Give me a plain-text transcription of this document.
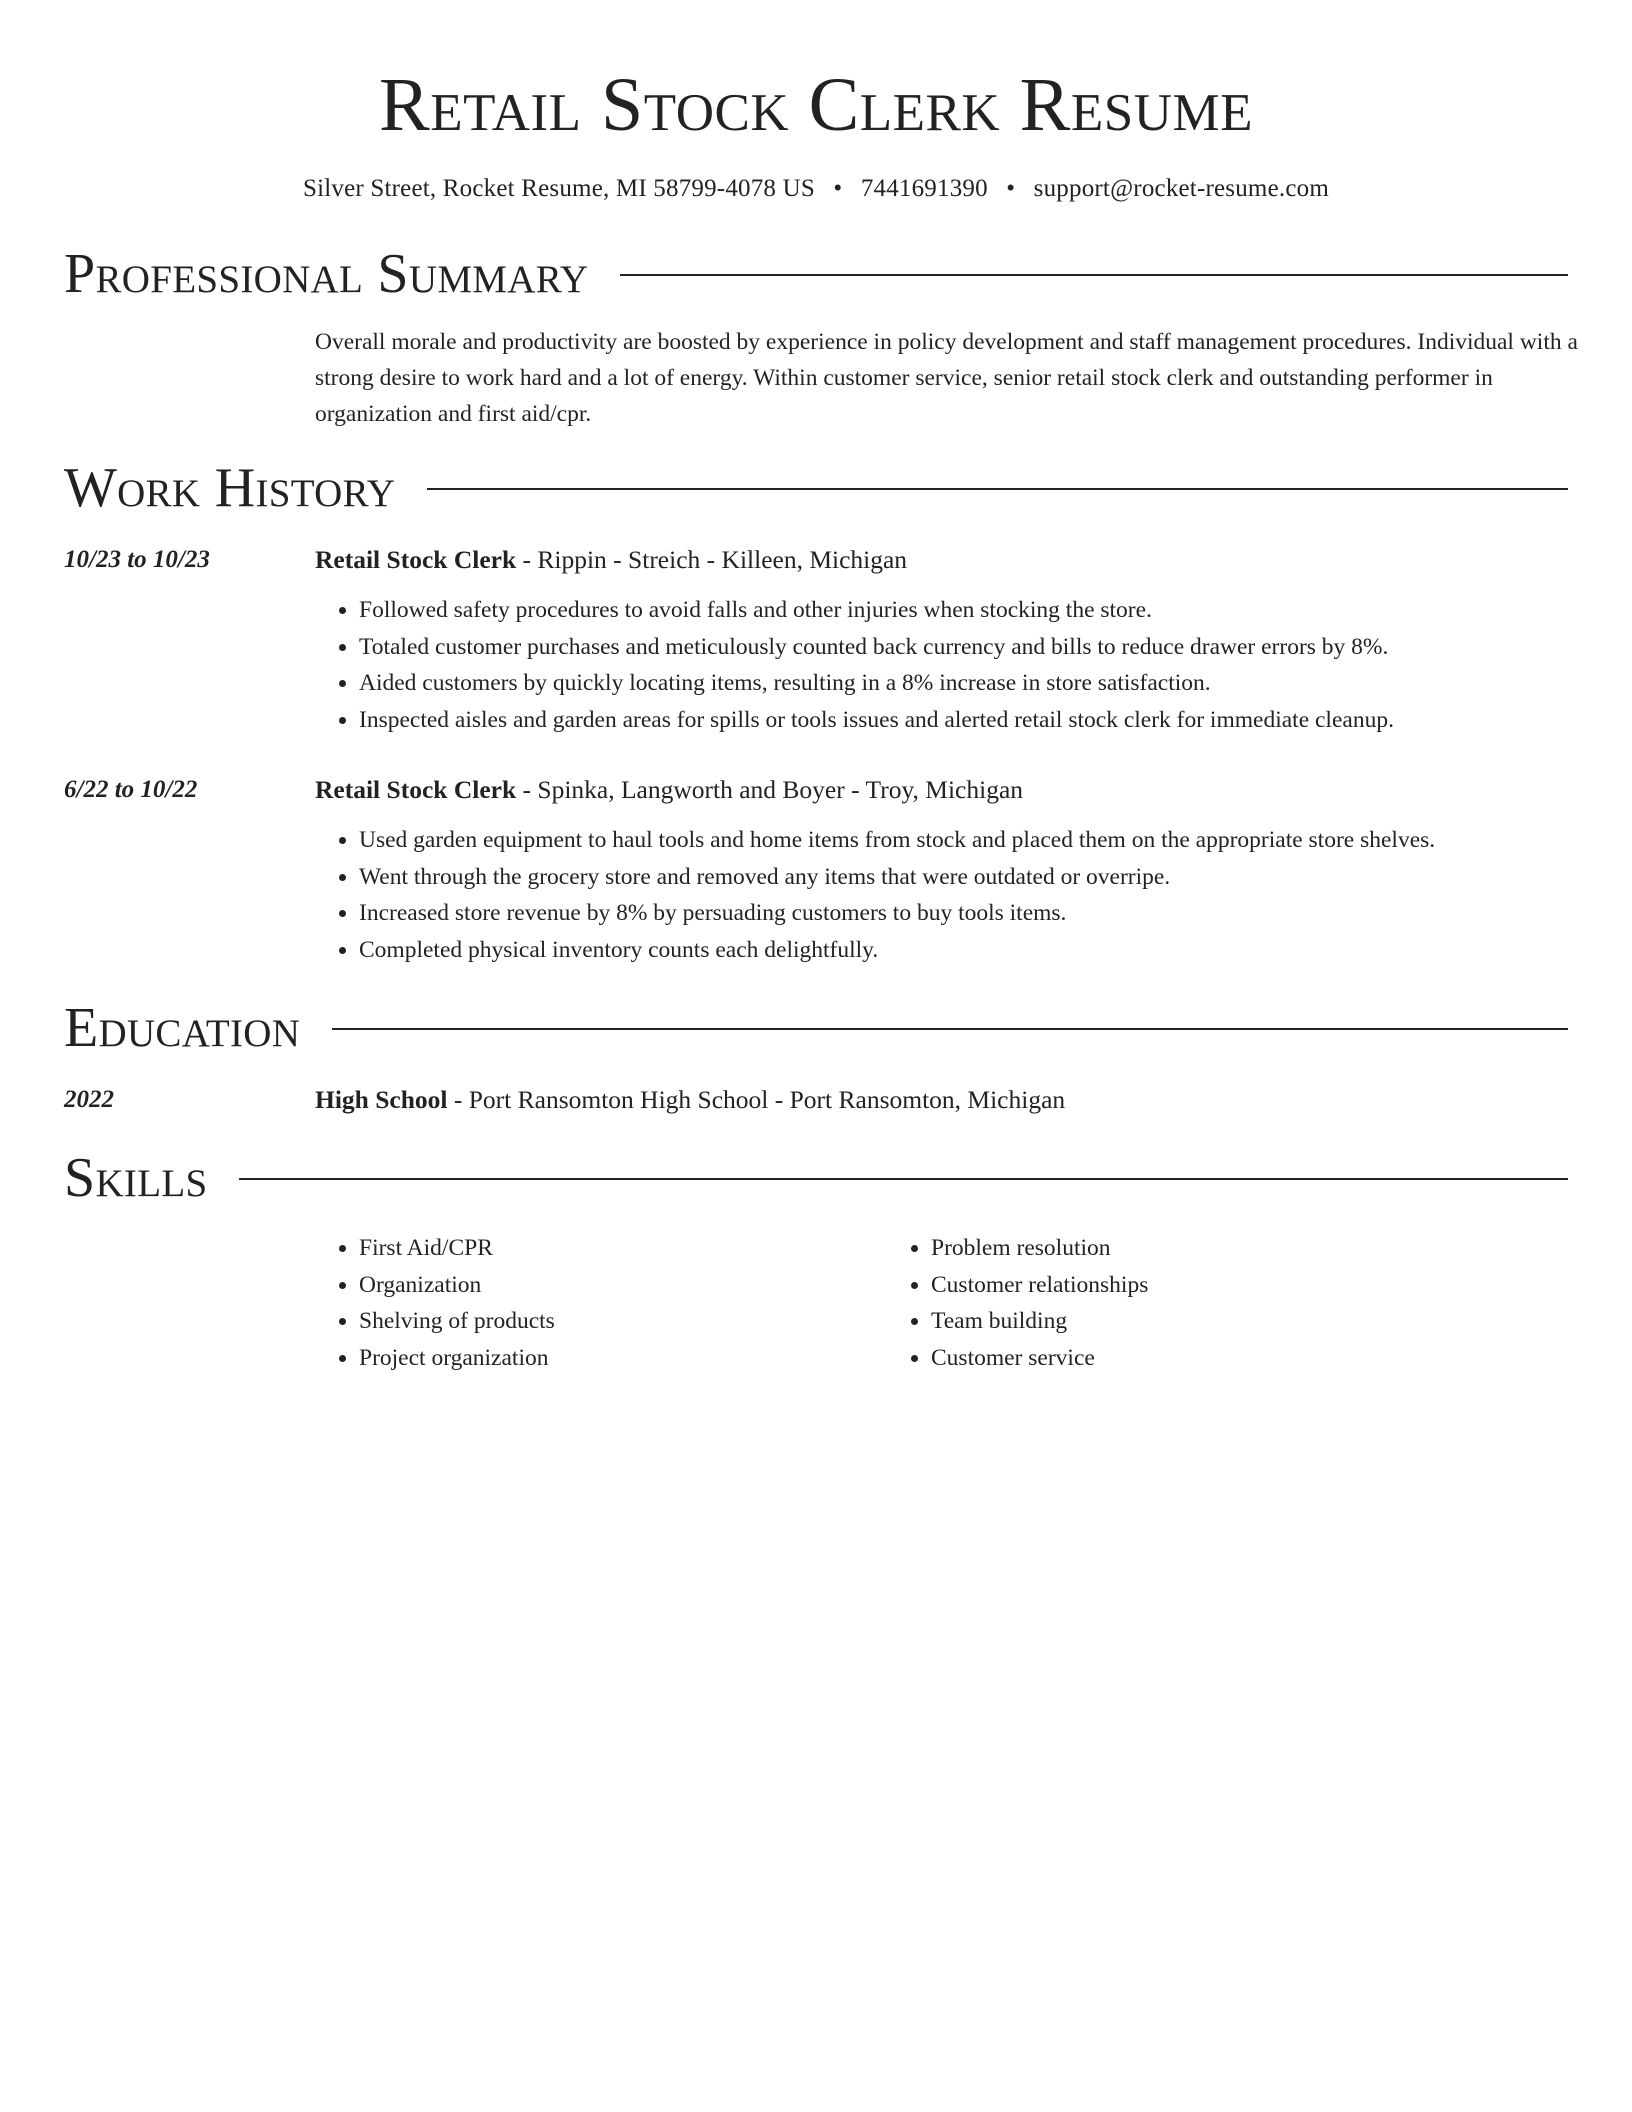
Retail Stock Clerk Resume
Silver Street, Rocket Resume, MI 58799-4078 US • 7441691390 • support@rocket-resume.com
Professional Summary

Overall morale and productivity are boosted by experience in policy development and staff management procedures. Individual with a strong desire to work hard and a lot of energy. Within customer service, senior retail stock clerk and outstanding performer in organization and first aid/cpr.

Work History
10/23 to 10/23	Retail Stock Clerk - Rippin - Streich - Killeen, Michigan
• Followed safety procedures to avoid falls and other injuries when stocking the store.
• Totaled customer purchases and meticulously counted back currency and bills to reduce drawer errors by 8%.
• Aided customers by quickly locating items, resulting in a 8% increase in store satisfaction.
• Inspected aisles and garden areas for spills or tools issues and alerted retail stock clerk for immediate cleanup.
6/22 to 10/22	Retail Stock Clerk - Spinka, Langworth and Boyer - Troy, Michigan
• Used garden equipment to haul tools and home items from stock and placed them on the appropriate store shelves.
• Went through the grocery store and removed any items that were outdated or overripe.
• Increased store revenue by 8% by persuading customers to buy tools items.
• Completed physical inventory counts each delightfully.
Education
2022	High School - Port Ransomton High School - Port Ransomton, Michigan
Skills
• First Aid/CPR
• Organization
• Shelving of products
• Project organization
• Problem resolution
• Customer relationships
• Team building
• Customer service
